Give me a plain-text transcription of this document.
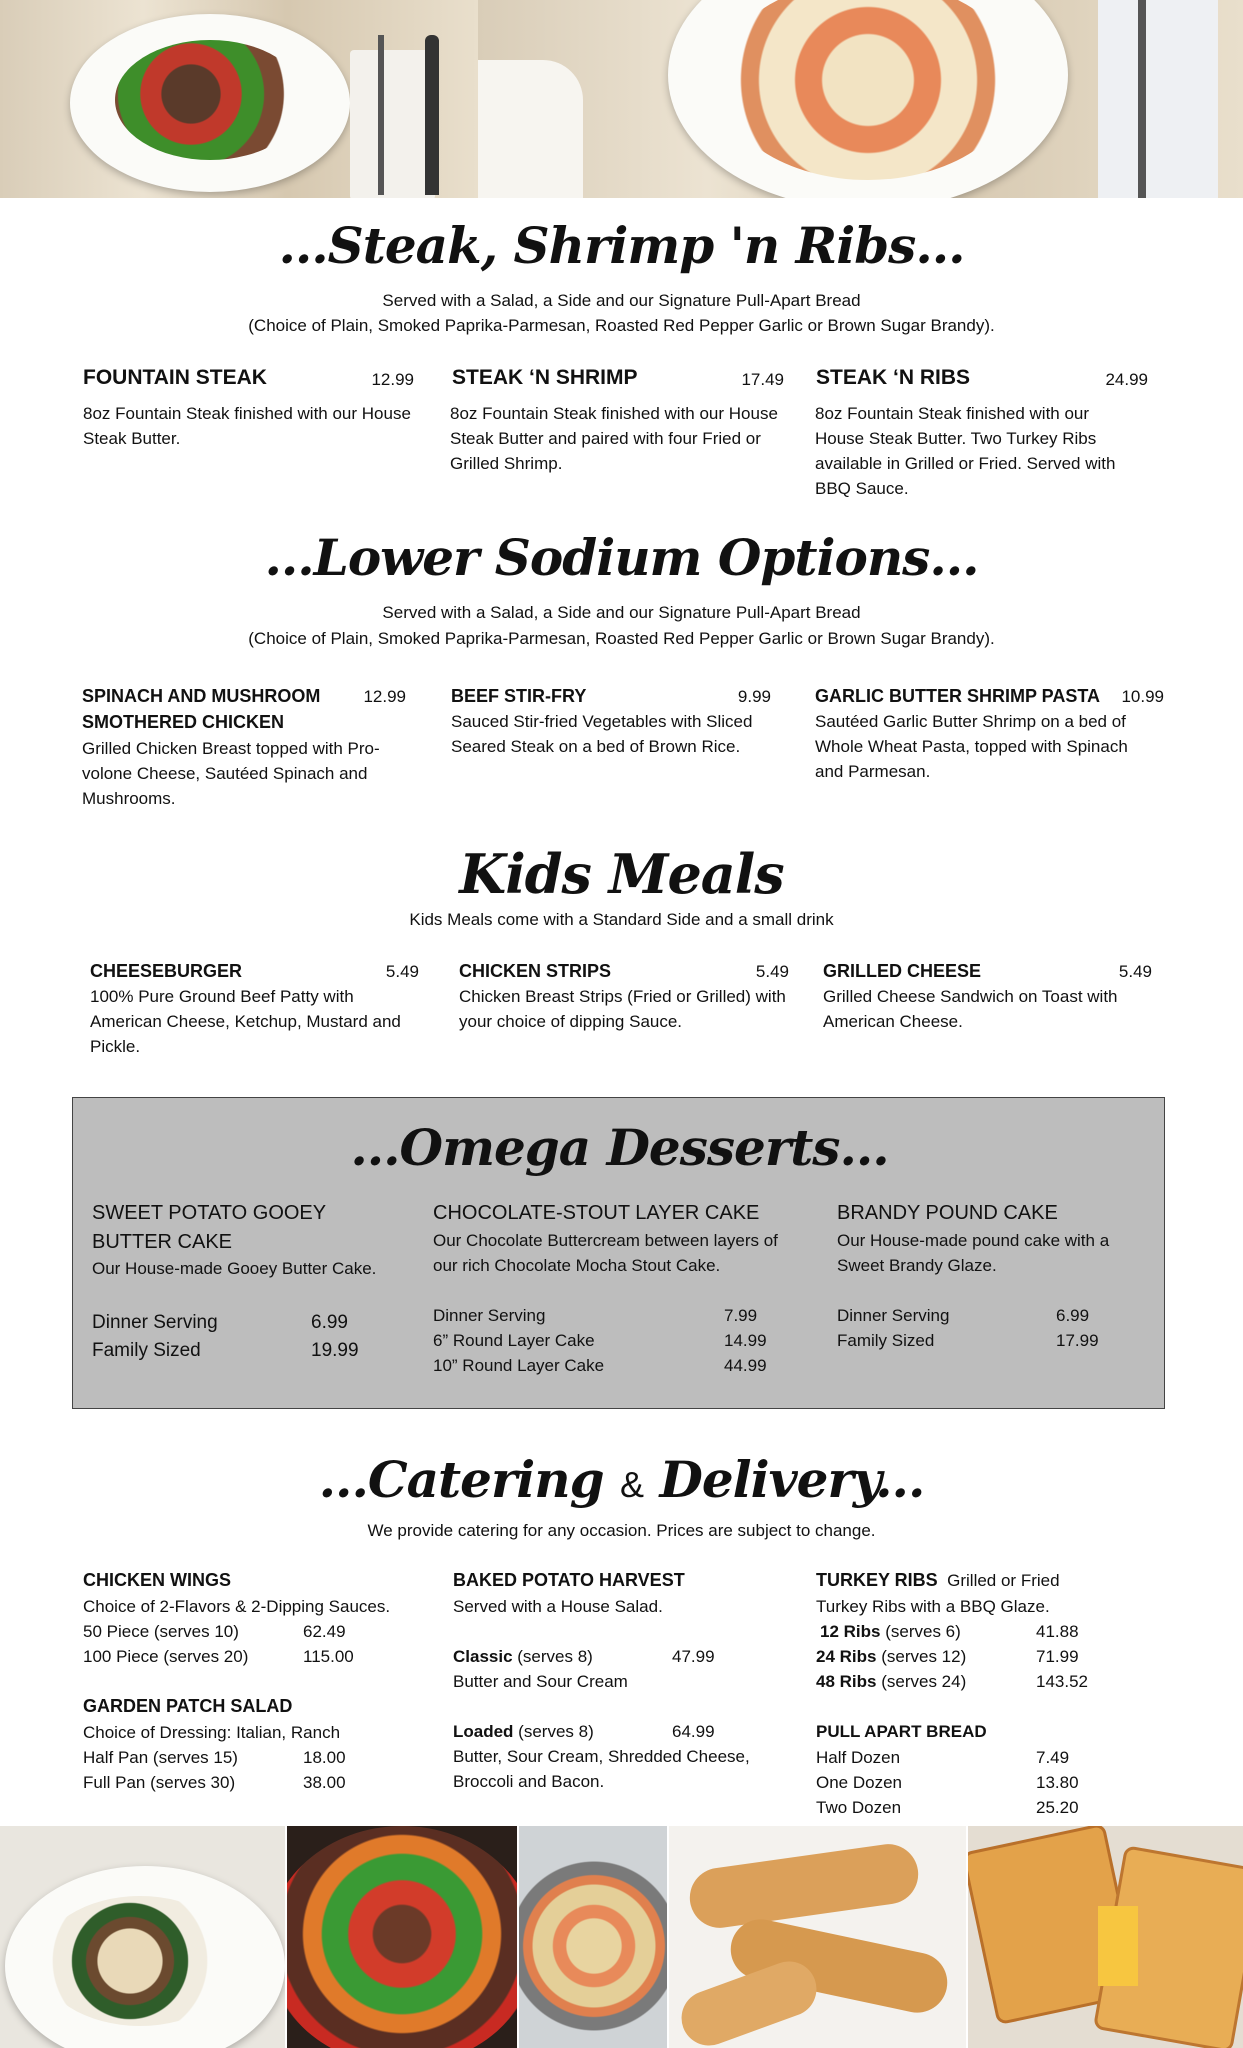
...Steak, Shrimp 'n Ribs...
Served with a Salad, a Side and our Signature Pull-Apart Bread
(Choice of Plain, Smoked Paprika-Parmesan, Roasted Red Pepper Garlic or Brown Sugar Brandy).
FOUNTAIN STEAK	12.99
8oz Fountain Steak finished with our House Steak Butter.
STEAK ‘N SHRIMP	17.49
8oz Fountain Steak finished with our House Steak Butter and paired with four Fried or Grilled Shrimp.
STEAK ‘N RIBS	24.99
8oz Fountain Steak finished with our House Steak Butter. Two Turkey Ribs available in Grilled or Fried. Served with BBQ Sauce.
...Lower Sodium Options...
Served with a Salad, a Side and our Signature Pull-Apart Bread
(Choice of Plain, Smoked Paprika-Parmesan, Roasted Red Pepper Garlic or Brown Sugar Brandy).
SPINACH AND MUSHROOM SMOTHERED CHICKEN
12.99
Grilled Chicken Breast topped with Pro-volone Cheese, Sautéed Spinach and Mushrooms.
BEEF STIR-FRY	9.99
Sauced Stir-fried Vegetables with Sliced Seared Steak on a bed of Brown Rice.
GARLIC BUTTER SHRIMP PASTA	10.99
Sautéed Garlic Butter Shrimp on a bed of Whole Wheat Pasta, topped with Spinach and Parmesan.
Kids Meals
Kids Meals come with a Standard Side and a small drink
CHEESEBURGER	5.49
100% Pure Ground Beef Patty with American Cheese, Ketchup, Mustard and Pickle.
CHICKEN STRIPS	5.49
Chicken Breast Strips (Fried or Grilled) with your choice of dipping Sauce.
GRILLED CHEESE	5.49
Grilled Cheese Sandwich on Toast with American Cheese.
...Omega Desserts...
SWEET POTATO GOOEY BUTTER CAKE
Our House-made Gooey Butter Cake.
Dinner Serving	6.99
Family Sized	19.99
CHOCOLATE-STOUT LAYER CAKE
Our Chocolate Buttercream between layers of our rich Chocolate Mocha Stout Cake.
Dinner Serving	7.99
6” Round Layer Cake	14.99
10” Round Layer Cake	44.99
BRANDY POUND CAKE
Our House-made pound cake with a Sweet Brandy Glaze.
Dinner Serving	6.99
Family Sized	17.99
...Catering & Delivery...
We provide catering for any occasion. Prices are subject to change.
CHICKEN WINGS
Choice of 2-Flavors & 2-Dipping Sauces.
50 Piece (serves 10)	62.49
100 Piece (serves 20)	115.00
GARDEN PATCH SALAD
Choice of Dressing: Italian, Ranch
Half Pan (serves 15)	18.00
Full Pan (serves 30)	38.00
BAKED POTATO HARVEST
Served with a House Salad.
Classic (serves 8)	47.99
Butter and Sour Cream
Loaded (serves 8)	64.99
Butter, Sour Cream, Shredded Cheese,
Broccoli and Bacon.
TURKEY RIBS  Grilled or Fried
Turkey Ribs with a BBQ Glaze.
12 Ribs (serves 6)	41.88
24 Ribs (serves 12)	71.99
48 Ribs (serves 24)	143.52
PULL APART BREAD
Half Dozen	7.49
One Dozen	13.80
Two Dozen	25.20
